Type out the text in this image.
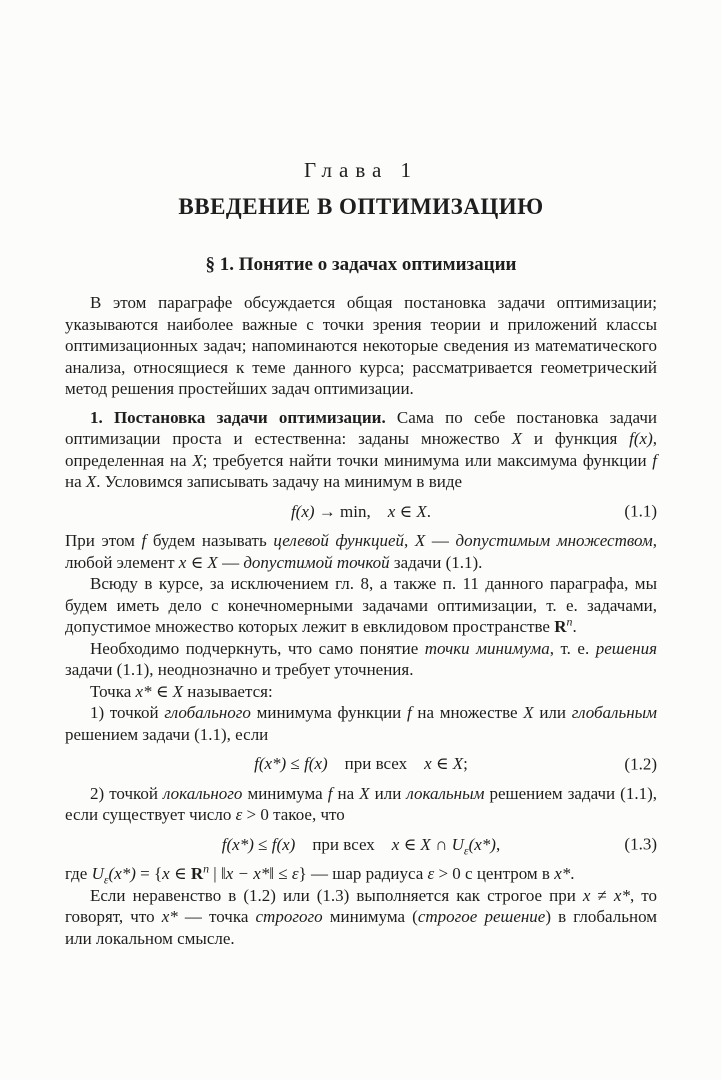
Глава 1
ВВЕДЕНИЕ В ОПТИМИЗАЦИЮ
§ 1. Понятие о задачах оптимизации

В этом параграфе обсуждается общая постановка задачи оптимизации; указываются наиболее важные с точки зрения теории и приложений классы оптимизационных задач; напоминаются некоторые сведения из математического анализа, относящиеся к теме данного курса; рассматривается геометрический метод решения простейших задач оптимизации.

1. Постановка задачи оптимизации. Сама по себе постановка задачи оптимизации проста и естественна: заданы множество X и функция f(x), определенная на X; требуется найти точки минимума или максимума функции f на X. Условимся записывать задачу на минимум в виде

f(x) → min, x ∈ X.	(1.1)

При этом f будем называть целевой функцией, X — допустимым множеством, любой элемент x ∈ X — допустимой точкой задачи (1.1).

Всюду в курсе, за исключением гл. 8, а также п. 11 данного параграфа, мы будем иметь дело с конечномерными задачами оптимизации, т. е. задачами, допустимое множество которых лежит в евклидовом пространстве $R^n$.

Необходимо подчеркнуть, что само понятие точки минимума, т. е. решения задачи (1.1), неоднозначно и требует уточнения.

Точка x* ∈ X называется:

1) точкой глобального минимума функции f на множестве X или глобальным решением задачи (1.1), если

f(x*) ≤ f(x) при всех x ∈ X;	(1.2)

2) точкой локального минимума f на X или локальным решением задачи (1.1), если существует число ε > 0 такое, что

f(x*) ≤ f(x) при всех x ∈ X ∩ $U_\varepsilon(x*)$,	(1.3)

где $U_\varepsilon(x*) = \{x$ ∈ $R^n$ | ‖x − x*‖ ≤ ε} — шар радиуса ε > 0 с центром в x*.

Если неравенство в (1.2) или (1.3) выполняется как строгое при x ≠ x*, то говорят, что x* — точка строгого минимума (строгое решение) в глобальном или локальном смысле.
